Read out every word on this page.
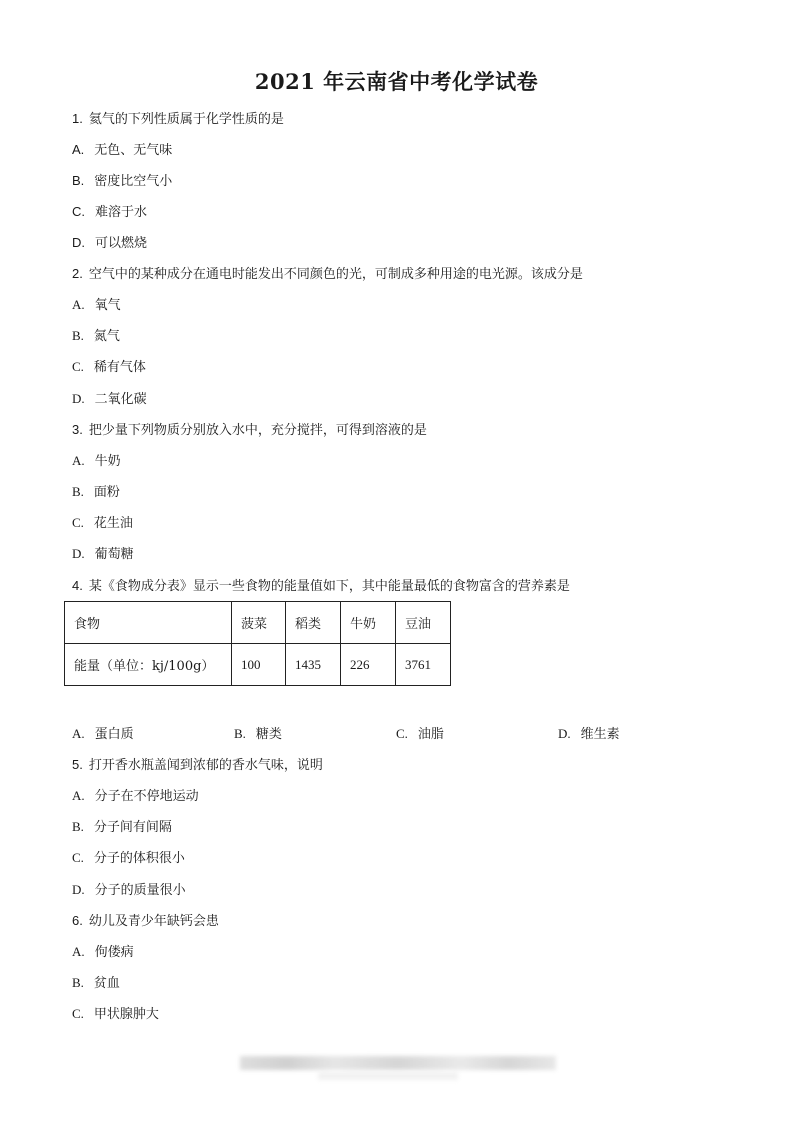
2021 年云南省中考化学试卷
1. 氦气的下列性质属于化学性质的是
A. 无色、无气味
B. 密度比空气小
C. 难溶于水
D. 可以燃烧
2. 空气中的某种成分在通电时能发出不同颜色的光，可制成多种用途的电光源。该成分是
A. 氧气
B. 氮气
C. 稀有气体
D. 二氧化碳
3. 把少量下列物质分别放入水中，充分搅拌，可得到溶液的是
A. 牛奶
B. 面粉
C. 花生油
D. 葡萄糖
4. 某《食物成分表》显示一些食物的能量值如下，其中能量最低的食物富含的营养素是
食物	菠菜	稻类	牛奶	豆油
能量（单位：kj/100g）	100	1435	226	3761
A. 蛋白质	B. 糖类	C. 油脂	D. 维生素
5. 打开香水瓶盖闻到浓郁的香水气味，说明
A. 分子在不停地运动
B. 分子间有间隔
C. 分子的体积很小
D. 分子的质量很小
6. 幼儿及青少年缺钙会患
A. 佝偻病
B. 贫血
C. 甲状腺肿大
